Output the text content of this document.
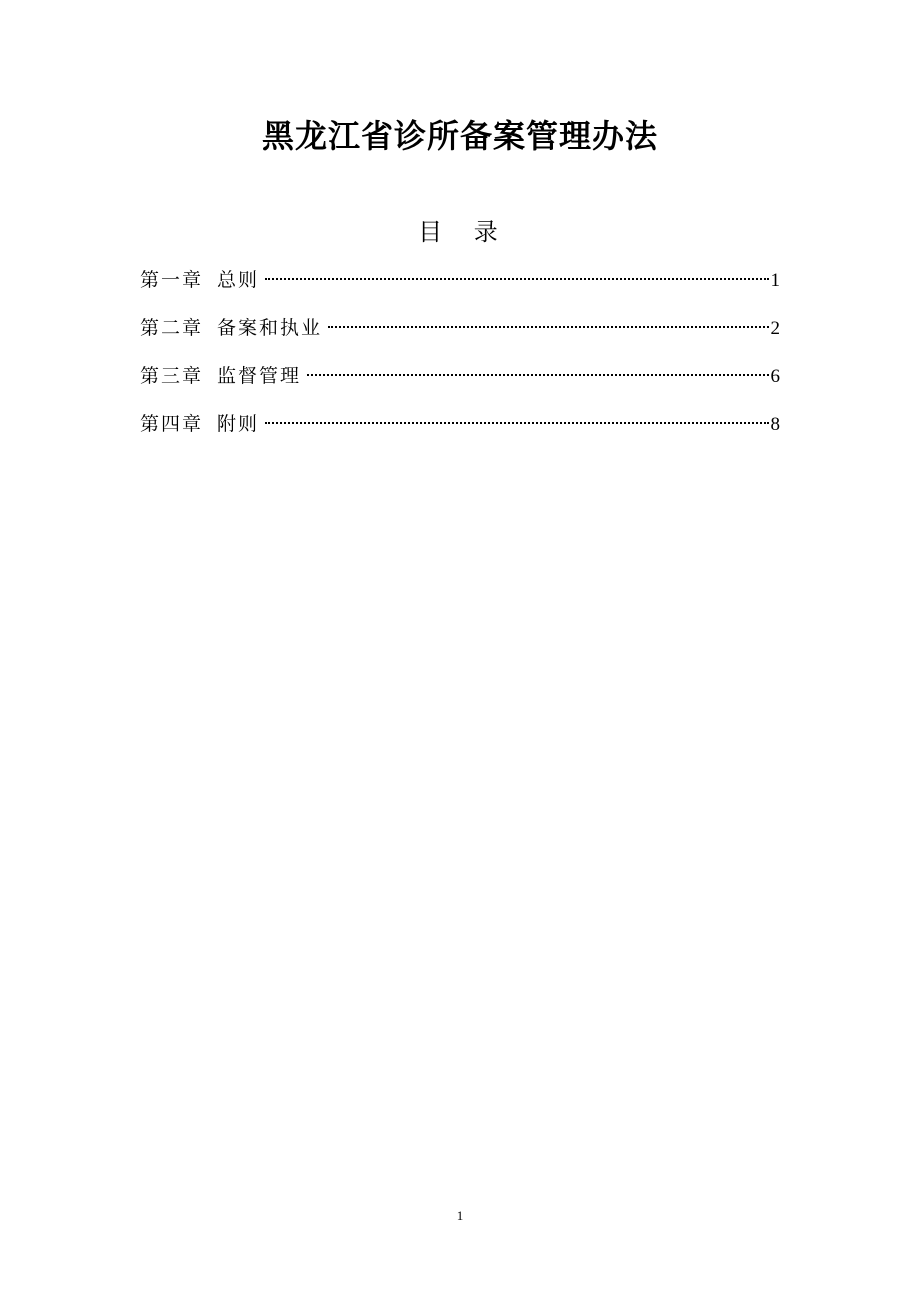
黑龙江省诊所备案管理办法
目 录
第一章 总则	1
第二章 备案和执业	2
第三章 监督管理	6
第四章 附则	8
1
